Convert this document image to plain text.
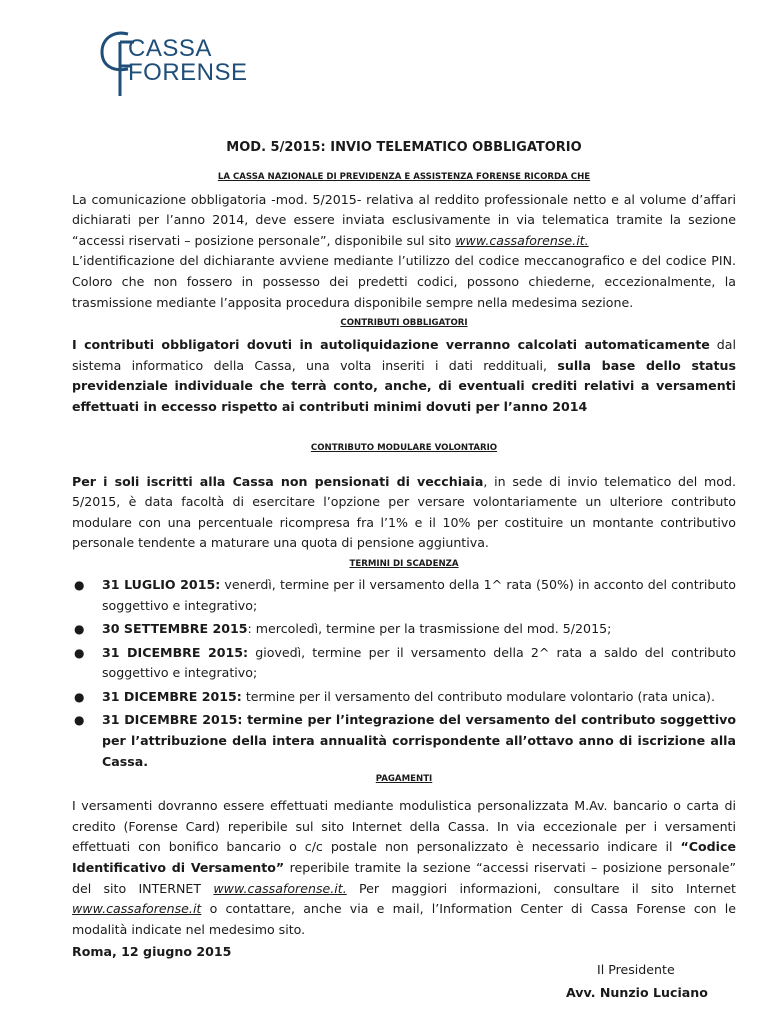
CASSA
FORENSE
MOD. 5/2015: INVIO TELEMATICO OBBLIGATORIO
LA CASSA NAZIONALE DI PREVIDENZA E ASSISTENZA FORENSE RICORDA CHE

La comunicazione obbligatoria -mod. 5/2015- relativa al reddito professionale netto e al volume d’affari dichiarati per l’anno 2014, deve essere inviata esclusivamente in via telematica tramite la sezione “accessi riservati – posizione personale”, disponibile sul sito www.cassaforense.it.

L’identificazione del dichiarante avviene mediante l’utilizzo del codice meccanografico e del codice PIN. Coloro che non fossero in possesso dei predetti codici, possono chiederne, eccezionalmente, la trasmissione mediante l’apposita procedura disponibile sempre nella medesima sezione.

CONTRIBUTI OBBLIGATORI

I contributi obbligatori dovuti in autoliquidazione verranno calcolati automaticamente dal sistema informatico della Cassa, una volta inseriti i dati reddituali, sulla base dello status previdenziale individuale che terrà conto, anche, di eventuali crediti relativi a versamenti effettuati in eccesso rispetto ai contributi minimi dovuti per l’anno 2014

CONTRIBUTO MODULARE VOLONTARIO

Per i soli iscritti alla Cassa non pensionati di vecchiaia, in sede di invio telematico del mod. 5/2015, è data facoltà di esercitare l’opzione per versare volontariamente un ulteriore contributo modulare con una percentuale ricompresa fra l’1% e il 10% per costituire un montante contributivo personale tendente a maturare una quota di pensione aggiuntiva.

TERMINI DI SCADENZA
● 31 LUGLIO 2015: venerdì, termine per il versamento della 1^ rata (50%) in acconto del contributo soggettivo e integrativo;
● 30 SETTEMBRE 2015: mercoledì, termine per la trasmissione del mod. 5/2015;
● 31 DICEMBRE 2015: giovedì, termine per il versamento della 2^ rata a saldo del contributo soggettivo e integrativo;
● 31 DICEMBRE 2015: termine per il versamento del contributo modulare volontario (rata unica).
● 31 DICEMBRE 2015: termine per l’integrazione del versamento del contributo soggettivo per l’attribuzione della intera annualità corrispondente all’ottavo anno di iscrizione alla Cassa.
PAGAMENTI

I versamenti dovranno essere effettuati mediante modulistica personalizzata M.Av. bancario o carta di credito (Forense Card) reperibile sul sito Internet della Cassa. In via eccezionale per i versamenti effettuati con bonifico bancario o c/c postale non personalizzato è necessario indicare il “Codice Identificativo di Versamento” reperibile tramite la sezione “accessi riservati – posizione personale” del sito INTERNET www.cassaforense.it. Per maggiori informazioni, consultare il sito Internet www.cassaforense.it o contattare, anche via e mail, l’Information Center di Cassa Forense con le modalità indicate nel medesimo sito.

Roma, 12 giugno 2015

Il Presidente
Avv. Nunzio Luciano
